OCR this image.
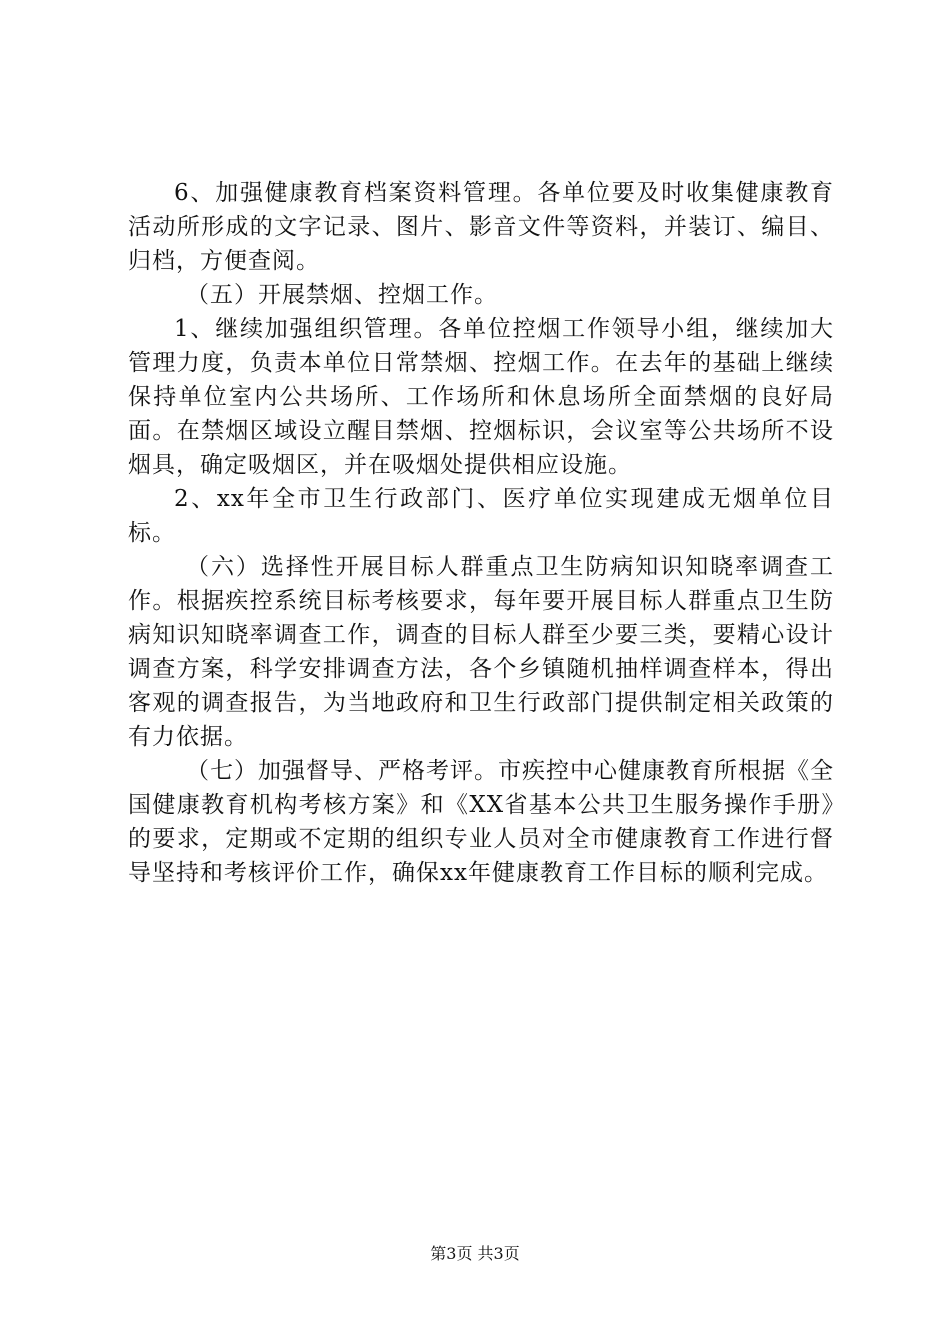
6、加强健康教育档案资料管理。各单位要及时收集健康教育活动所形成的文字记录、图片、影音文件等资料，并装订、编目、归档，方便查阅。

（五）开展禁烟、控烟工作。

1、继续加强组织管理。各单位控烟工作领导小组，继续加大管理力度，负责本单位日常禁烟、控烟工作。在去年的基础上继续保持单位室内公共场所、工作场所和休息场所全面禁烟的良好局面。在禁烟区域设立醒目禁烟、控烟标识，会议室等公共场所不设烟具，确定吸烟区，并在吸烟处提供相应设施。

2、xx年全市卫生行政部门、医疗单位实现建成无烟单位目标。

（六）选择性开展目标人群重点卫生防病知识知晓率调查工作。根据疾控系统目标考核要求，每年要开展目标人群重点卫生防病知识知晓率调查工作，调查的目标人群至少要三类，要精心设计调查方案，科学安排调查方法，各个乡镇随机抽样调查样本，得出客观的调查报告，为当地政府和卫生行政部门提供制定相关政策的有力依据。

（七）加强督导、严格考评。市疾控中心健康教育所根据《全国健康教育机构考核方案》和《XX省基本公共卫生服务操作手册》的要求，定期或不定期的组织专业人员对全市健康教育工作进行督导坚持和考核评价工作，确保xx年健康教育工作目标的顺利完成。

第3页 共3页
